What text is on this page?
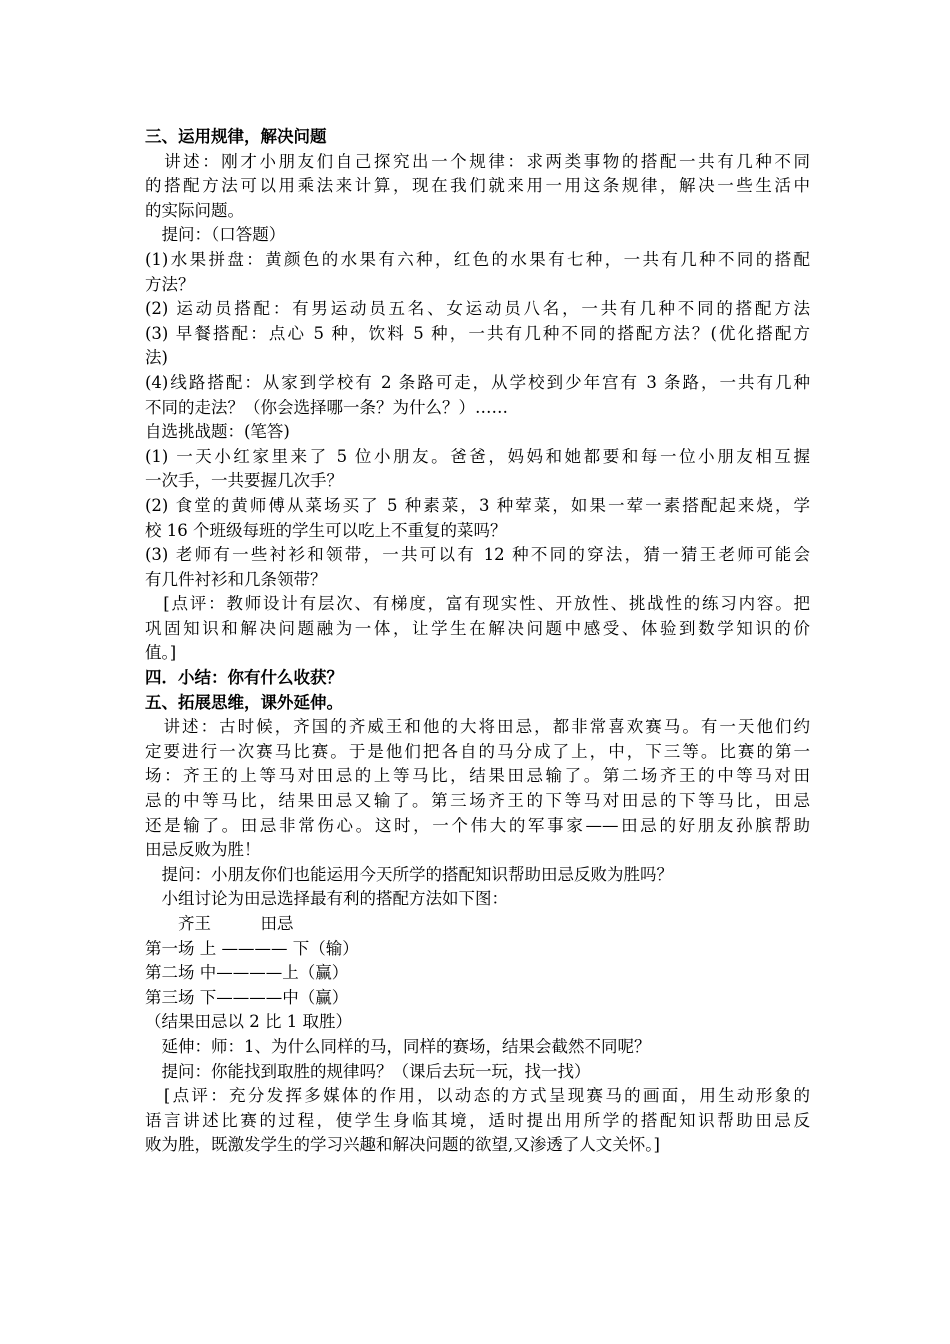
三、运用规律，解决问题
　讲述：刚才小朋友们自己探究出一个规律：求两类事物的搭配一共有几种不同
的搭配方法可以用乘法来计算，现在我们就来用一用这条规律，解决一些生活中
的实际问题。
　提问：（口答题）
(1)水果拼盘：黄颜色的水果有六种，红色的水果有七种，一共有几种不同的搭配
方法？
(2) 运动员搭配：有男运动员五名、女运动员八名，一共有几种不同的搭配方法
(3) 早餐搭配：点心 5 种，饮料 5 种，一共有几种不同的搭配方法？(优化搭配方
法)
(4)线路搭配：从家到学校有 2 条路可走，从学校到少年宫有 3 条路，一共有几种
不同的走法？（你会选择哪一条？为什么？）……
自选挑战题：(笔答)
(1) 一天小红家里来了 5 位小朋友。爸爸，妈妈和她都要和每一位小朋友相互握
一次手，一共要握几次手？
(2) 食堂的黄师傅从菜场买了 5 种素菜，3 种荤菜，如果一荤一素搭配起来烧，学
校 16 个班级每班的学生可以吃上不重复的菜吗？
(3) 老师有一些衬衫和领带，一共可以有 12 种不同的穿法，猜一猜王老师可能会
有几件衬衫和几条领带？
　[点评：教师设计有层次、有梯度，富有现实性、开放性、挑战性的练习内容。把
巩固知识和解决问题融为一体，让学生在解决问题中感受、体验到数学知识的价
值。]
四．小结：你有什么收获？
五、拓展思维，课外延伸。
　讲述：古时候，齐国的齐威王和他的大将田忌，都非常喜欢赛马。有一天他们约
定要进行一次赛马比赛。于是他们把各自的马分成了上，中，下三等。比赛的第一
场：齐王的上等马对田忌的上等马比，结果田忌输了。第二场齐王的中等马对田
忌的中等马比，结果田忌又输了。第三场齐王的下等马对田忌的下等马比，田忌
还是输了。田忌非常伤心。这时，一个伟大的军事家——田忌的好朋友孙膑帮助
田忌反败为胜！
　提问：小朋友你们也能运用今天所学的搭配知识帮助田忌反败为胜吗？
　小组讨论为田忌选择最有利的搭配方法如下图：
　　齐王　　　田忌
第一场 上 ———— 下（输）
第二场 中————上（赢）
第三场 下————中（赢）
（结果田忌以 2 比 1 取胜）
　延伸：师：1、为什么同样的马，同样的赛场，结果会截然不同呢？
　提问：你能找到取胜的规律吗？（课后去玩一玩，找一找）
　[点评：充分发挥多媒体的作用，以动态的方式呈现赛马的画面，用生动形象的
语言讲述比赛的过程，使学生身临其境，适时提出用所学的搭配知识帮助田忌反
败为胜，既激发学生的学习兴趣和解决问题的欲望,又渗透了人文关怀。]
